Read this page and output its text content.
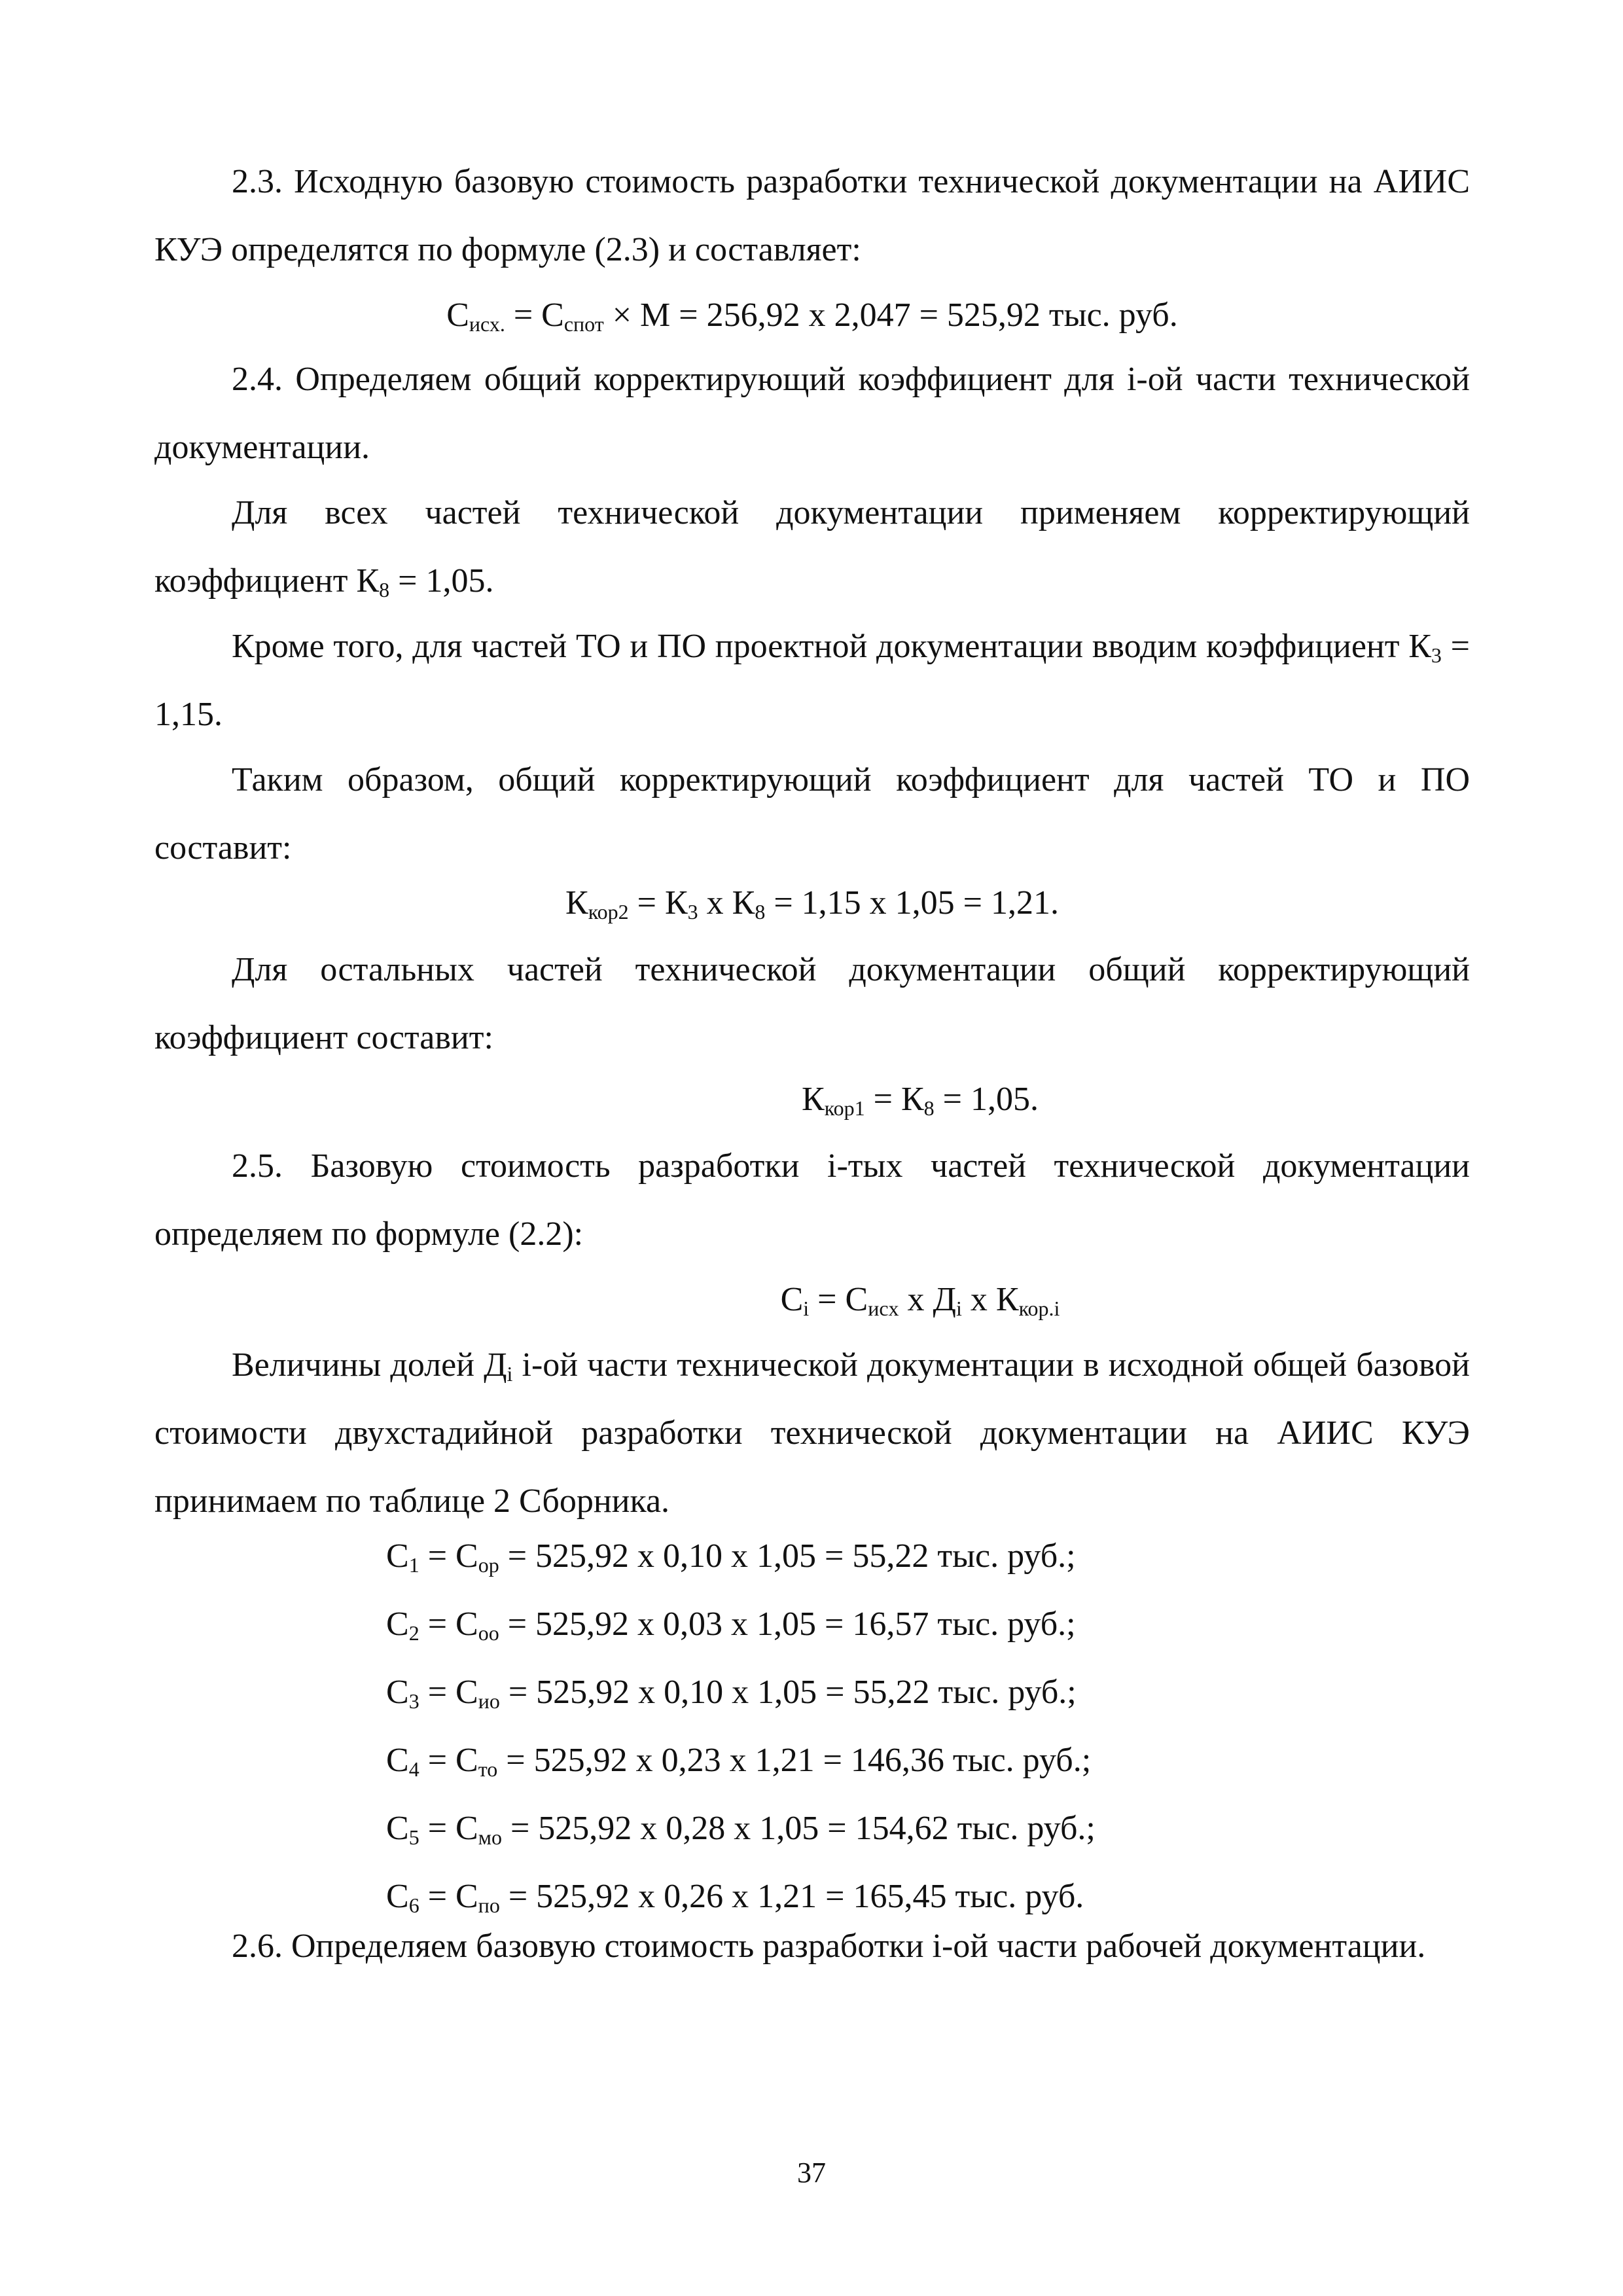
2.3. Исходную базовую стоимость разработки технической документации на АИИС КУЭ определятся по формуле (2.3) и составляет:

$С_{исх.} = С_{спот} \times М = 256,92$ х 2,047 = 525,92 тыс. руб.

2.4. Определяем общий корректирующий коэффициент для i-ой части технической документации.

Для всех частей технической документации применяем корректирующий коэффициент $К_8 = 1,05$.

Кроме того, для частей ТО и ПО проектной документации вводим коэффициент $К_3 = 1,15$.

Таким образом, общий корректирующий коэффициент для частей ТО и ПО составит:

$К_{кор2} = К_3$ х $К_8 = 1,15$ х 1,05 = 1,21.

Для остальных частей технической документации общий корректирующий коэффициент составит:

$К_{кор1} = К_8 = 1,05$.

2.5. Базовую стоимость разработки i-тых частей технической документации определяем по формуле (2.2):

$С_i = С_{иcх}$ х $Д_i$ х $К_{кор.i}$

Величины долей $Д_i$ i-ой части технической документации в исходной общей базовой стоимости двухстадийной разработки технической документации на АИИС КУЭ принимаем по таблице 2 Сборника.

$С_1 = С_{ор} = 525,92$ х 0,10 х 1,05 = 55,22 тыс. руб.;

$С_2 = С_{оо} = 525,92$ х 0,03 х 1,05 = 16,57 тыс. руб.;

$С_3 = С_{ио} = 525,92$ х 0,10 х 1,05 = 55,22 тыс. руб.;

$С_4 = С_{то} = 525,92$ х 0,23 х 1,21 = 146,36 тыс. руб.;

$С_5 = С_{мо} = 525,92$ х 0,28 х 1,05 = 154,62 тыс. руб.;

$С_6 = С_{по} = 525,92$ х 0,26 х 1,21 = 165,45 тыс. руб.

2.6. Определяем базовую стоимость разработки i-ой части рабочей документации.

37
